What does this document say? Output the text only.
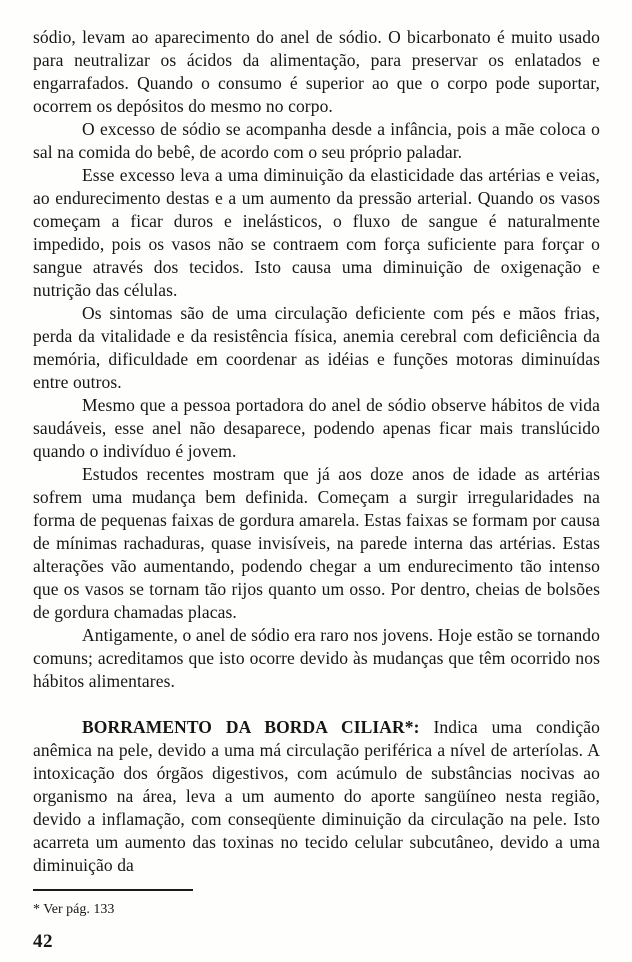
sódio, levam ao aparecimento do anel de sódio. O bicarbonato é muito usado para neutralizar os ácidos da alimentação, para preservar os enlatados e engarrafados. Quando o consumo é superior ao que o corpo pode suportar, ocorrem os depósitos do mesmo no corpo.

O excesso de sódio se acompanha desde a infância, pois a mãe coloca o sal na comida do bebê, de acordo com o seu próprio paladar.

Esse excesso leva a uma diminuição da elasticidade das artérias e veias, ao endurecimento destas e a um aumento da pressão arterial. Quando os vasos começam a ficar duros e inelásticos, o fluxo de sangue é naturalmente impedido, pois os vasos não se contraem com força suficiente para forçar o sangue através dos tecidos. Isto causa uma diminuição de oxigenação e nutrição das células.

Os sintomas são de uma circulação deficiente com pés e mãos frias, perda da vitalidade e da resistência física, anemia cerebral com deficiência da memória, dificuldade em coordenar as idéias e funções motoras diminuídas entre outros.

Mesmo que a pessoa portadora do anel de sódio observe hábitos de vida saudáveis, esse anel não desaparece, podendo apenas ficar mais translúcido quando o indivíduo é jovem.

Estudos recentes mostram que já aos doze anos de idade as artérias sofrem uma mudança bem definida. Começam a surgir irregularidades na forma de pequenas faixas de gordura amarela. Estas faixas se formam por causa de mínimas rachaduras, quase invisíveis, na parede interna das artérias. Estas alterações vão aumentando, podendo chegar a um endurecimento tão intenso que os vasos se tornam tão rijos quanto um osso. Por dentro, cheias de bolsões de gordura chamadas placas.

Antigamente, o anel de sódio era raro nos jovens. Hoje estão se tornando comuns; acreditamos que isto ocorre devido às mudanças que têm ocorrido nos hábitos alimentares.

BORRAMENTO DA BORDA CILIAR*: Indica uma condição anêmica na pele, devido a uma má circulação periférica a nível de arteríolas. A intoxicação dos órgãos digestivos, com acúmulo de substâncias nocivas ao organismo na área, leva a um aumento do aporte sangüíneo nesta região, devido a inflamação, com conseqüente diminuição da circulação na pele. Isto acarreta um aumento das toxinas no tecido celular subcutâneo, devido a uma diminuição da

* Ver pág. 133
42
